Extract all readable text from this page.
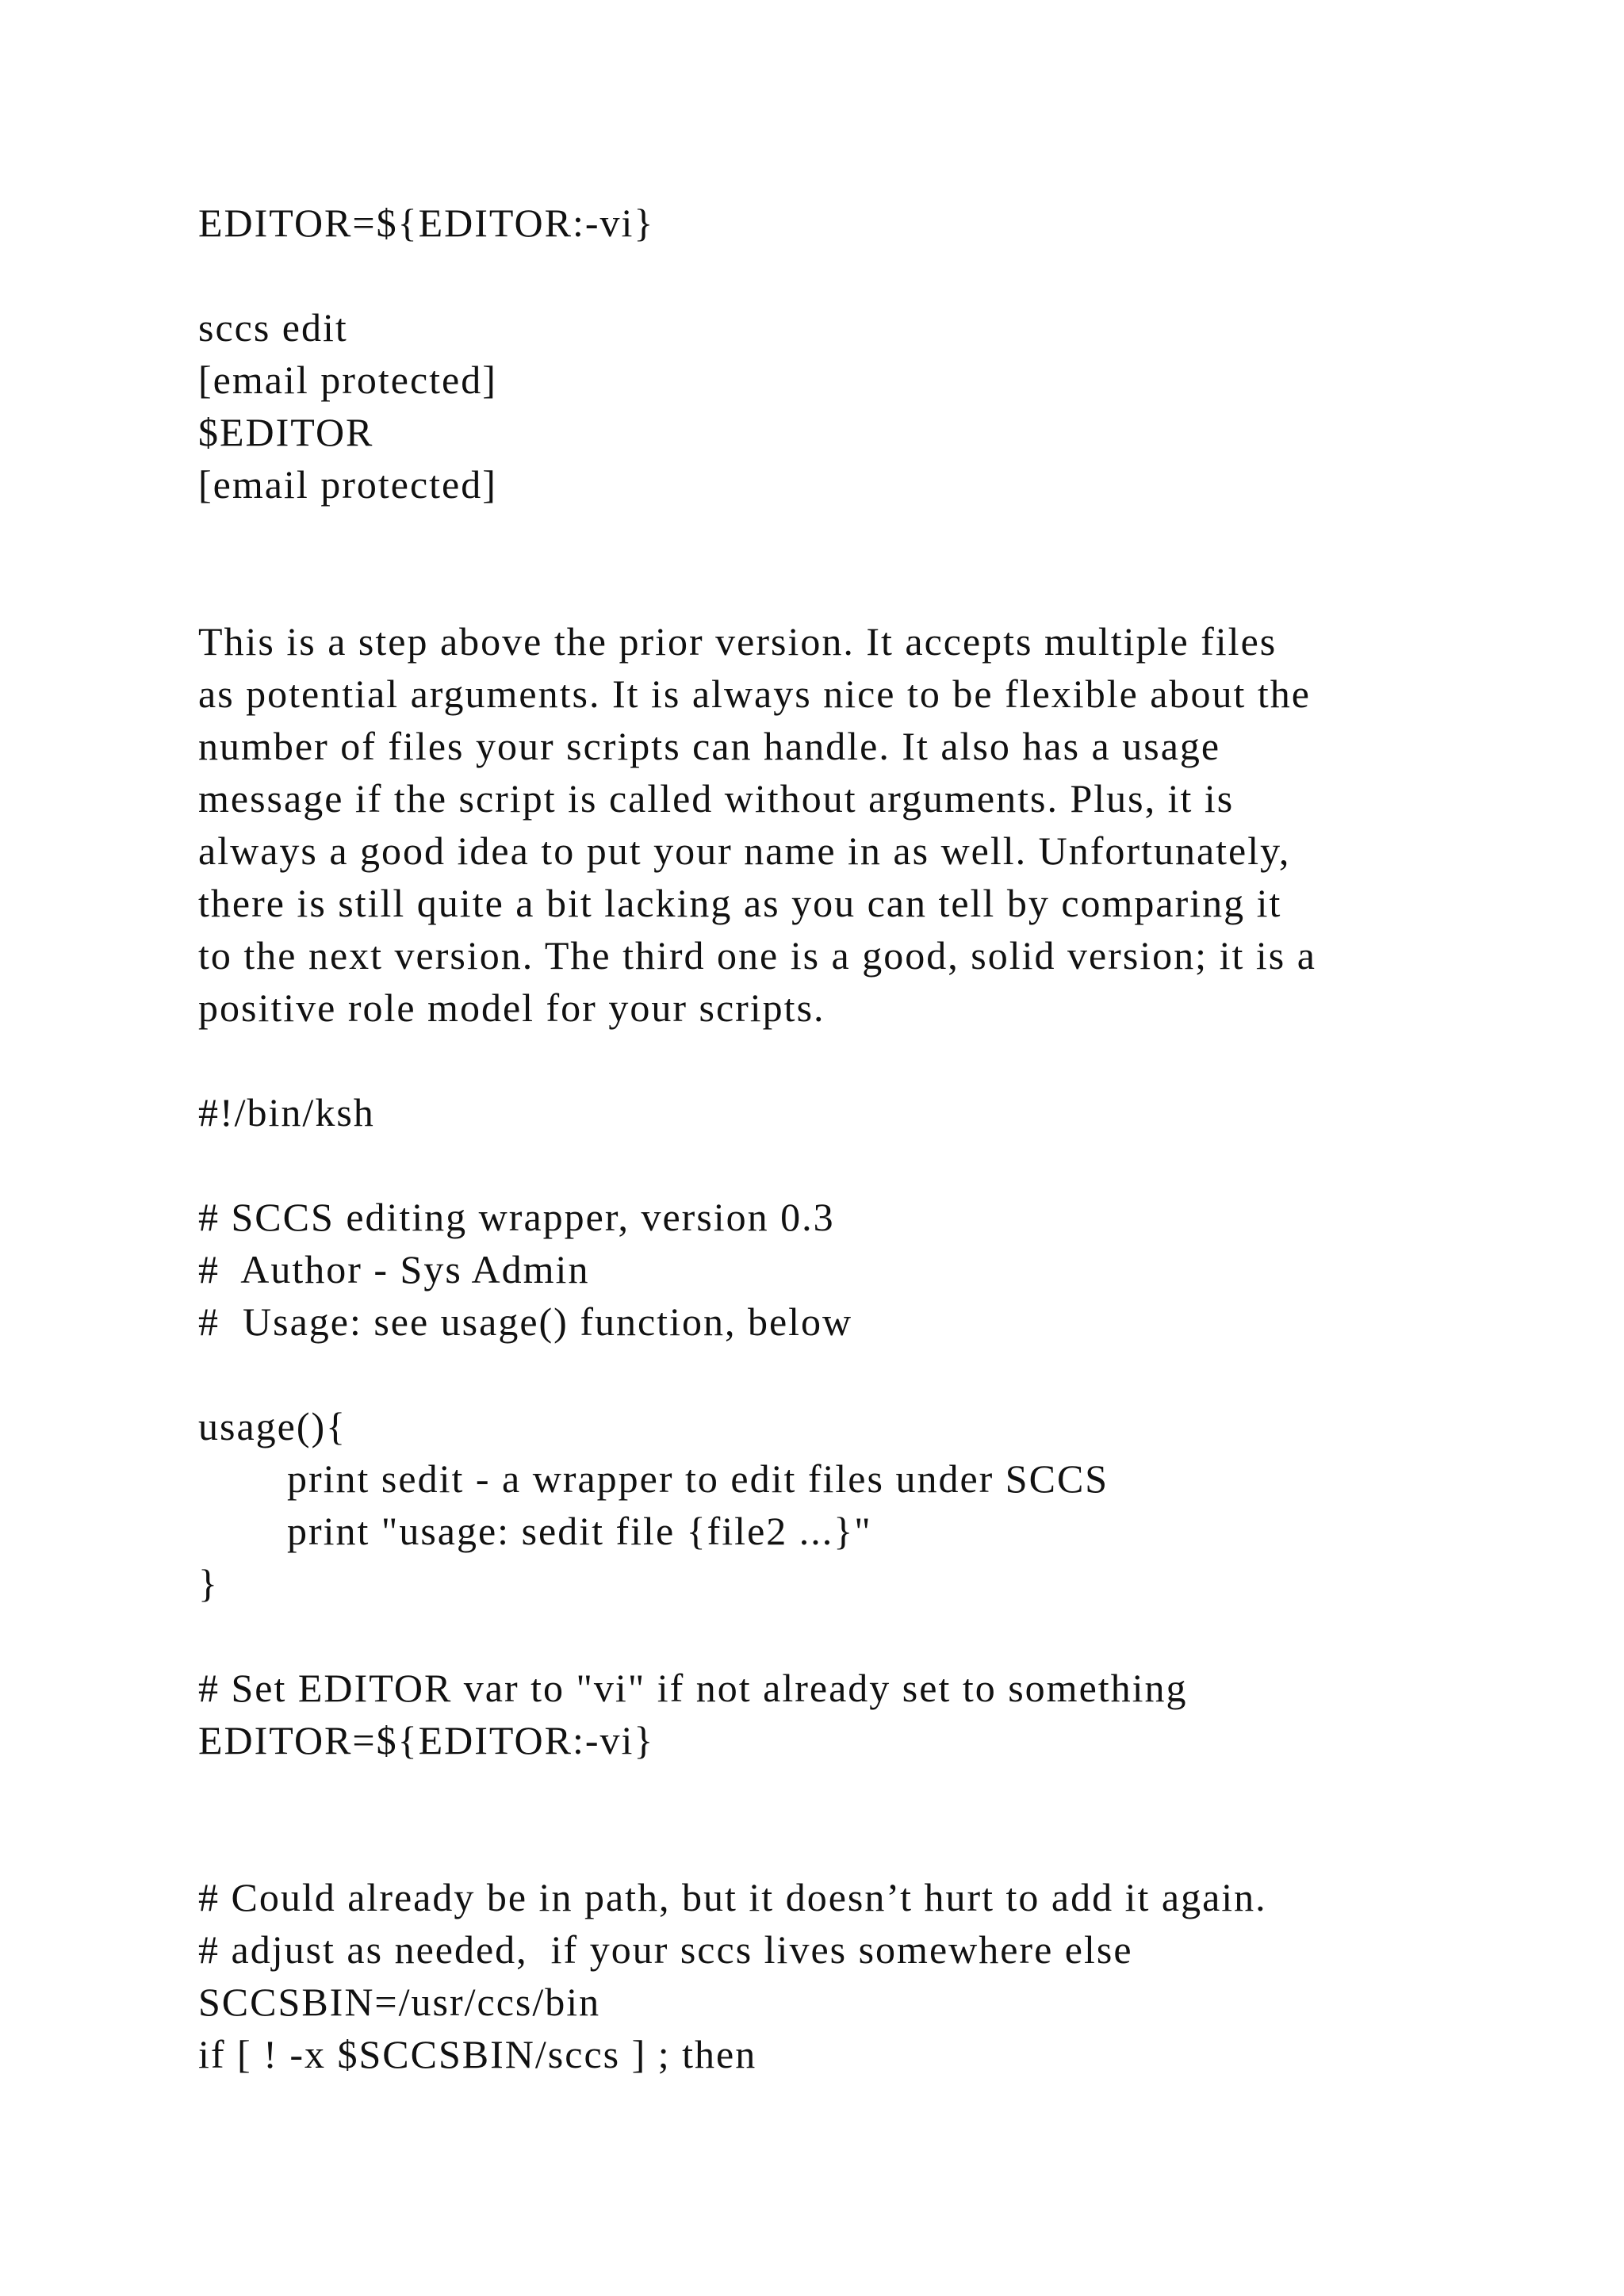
EDITOR=${EDITOR:-vi}

sccs edit

[email protected]

$EDITOR

[email protected]

This is a step above the prior version. It accepts multiple files

as potential arguments. It is always nice to be flexible about the

number of files your scripts can handle. It also has a usage

message if the script is called without arguments. Plus, it is

always a good idea to put your name in as well. Unfortunately,

there is still quite a bit lacking as you can tell by comparing it

to the next version. The third one is a good, solid version; it is a

positive role model for your scripts.

#!/bin/ksh

# SCCS editing wrapper, version 0.3

#  Author - Sys Admin

#  Usage: see usage() function, below

usage(){

print sedit - a wrapper to edit files under SCCS

print "usage: sedit file {file2 ...}"

}

# Set EDITOR var to "vi" if not already set to something

EDITOR=${EDITOR:-vi}

# Could already be in path, but it doesn’t hurt to add it again.

# adjust as needed,  if your sccs lives somewhere else

SCCSBIN=/usr/ccs/bin

if [ ! -x $SCCSBIN/sccs ] ; then
